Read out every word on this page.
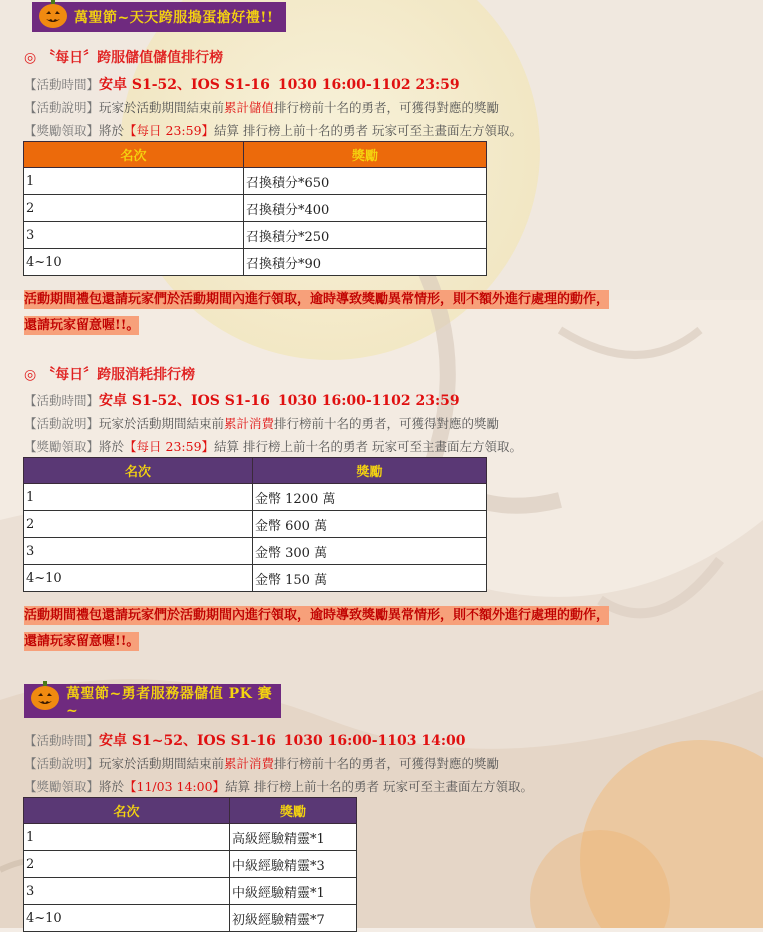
萬聖節~天天跨服搗蛋搶好禮!!
◎ 〝每日〞跨服儲值儲值排行榜
【活動時間】安卓 S1-52、IOS S1-16 1030 16:00-1102 23:59
【活動說明】玩家於活動期間結束前累計儲值排行榜前十名的勇者，可獲得對應的獎勵
【獎勵領取】將於【每日 23:59】結算 排行榜上前十名的勇者 玩家可至主畫面左方領取。
名次	獎勵
1	召換積分*650
2	召換積分*400
3	召換積分*250
4~10	召換積分*90
活動期間禮包還請玩家們於活動期間內進行領取，逾時導致獎勵異常情形，則不額外進行處理的動作，
還請玩家留意喔!!。
◎ 〝每日〞跨服消耗排行榜
【活動時間】安卓 S1-52、IOS S1-16 1030 16:00-1102 23:59
【活動說明】玩家於活動期間結束前累計消費排行榜前十名的勇者，可獲得對應的獎勵
【獎勵領取】將於【每日 23:59】結算 排行榜上前十名的勇者 玩家可至主畫面左方領取。
名次	獎勵
1	金幣 1200 萬
2	金幣 600 萬
3	金幣 300 萬
4~10	金幣 150 萬
活動期間禮包還請玩家們於活動期間內進行領取，逾時導致獎勵異常情形，則不額外進行處理的動作，
還請玩家留意喔!!。
萬聖節~勇者服務器儲值 PK 賽~
【活動時間】安卓 S1~52、IOS S1-16 1030 16:00-1103 14:00
【活動說明】玩家於活動期間結束前累計消費排行榜前十名的勇者，可獲得對應的獎勵
【獎勵領取】將於【11/03 14:00】結算 排行榜上前十名的勇者 玩家可至主畫面左方領取。
名次	獎勵
1	高級經驗精靈*1
2	中級經驗精靈*3
3	中級經驗精靈*1
4~10	初級經驗精靈*7
